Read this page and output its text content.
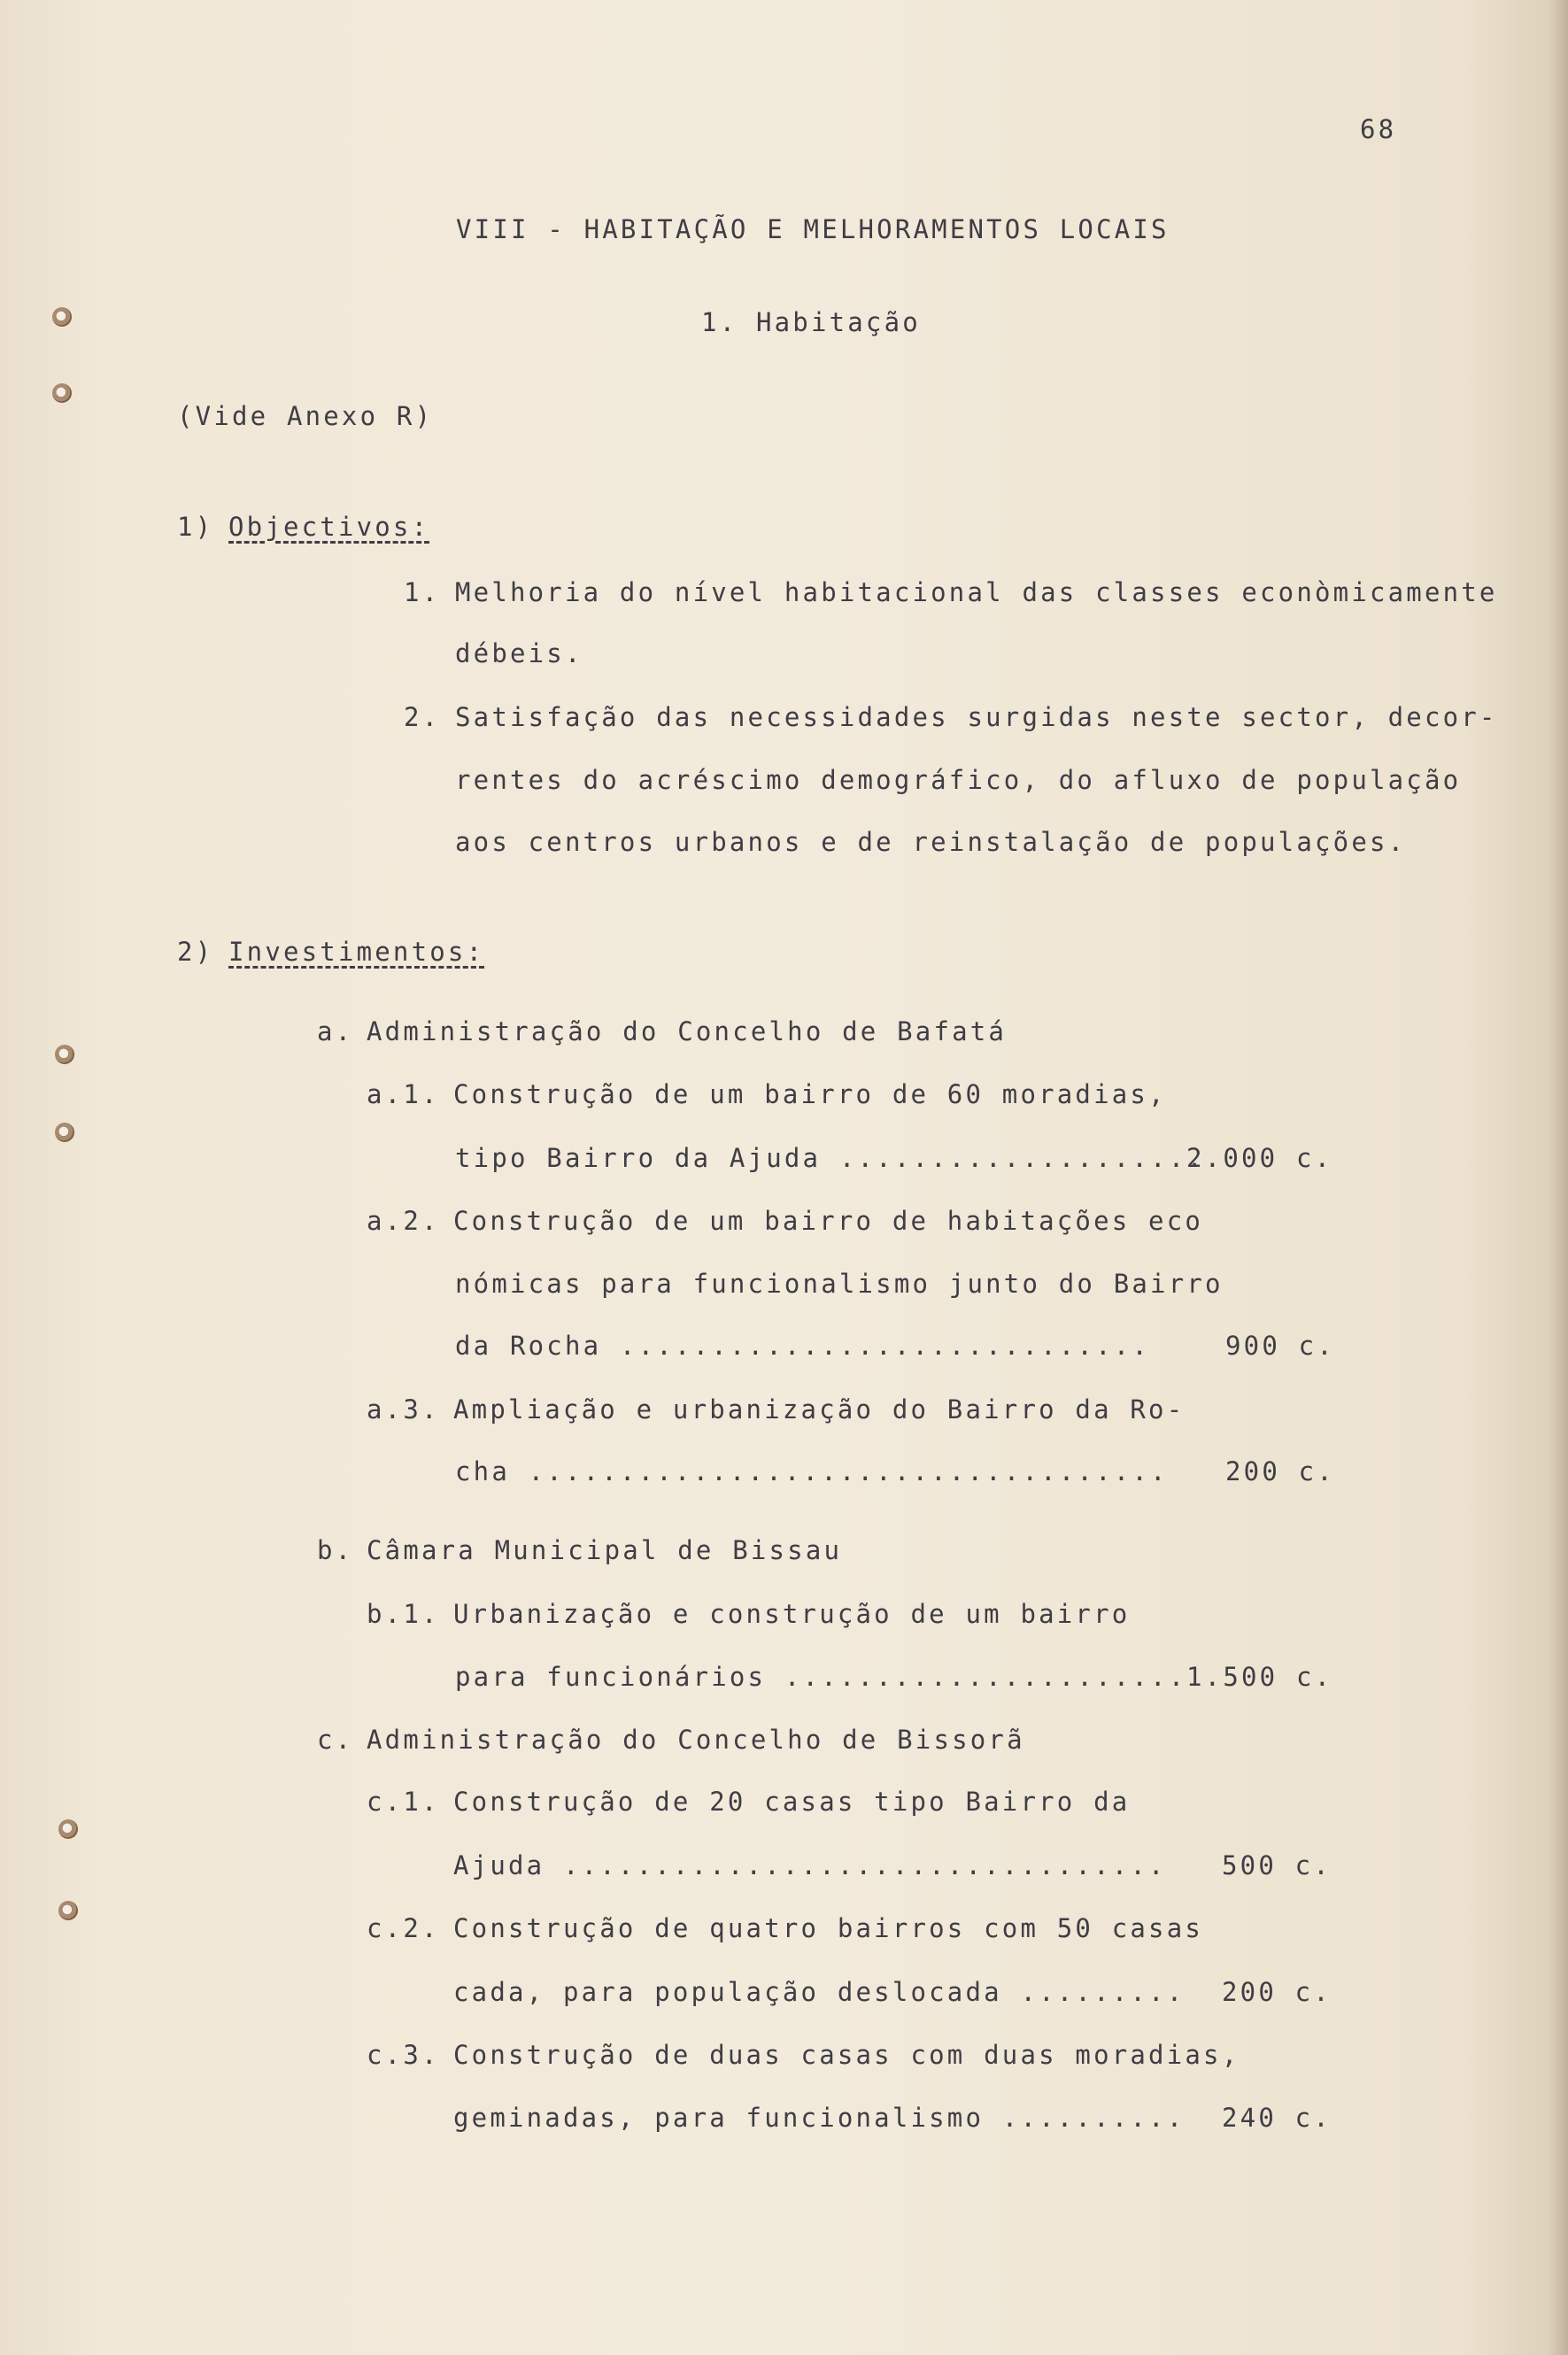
68
VIII - HABITAÇÃO E MELHORAMENTOS LOCAIS
1. Habitação
(Vide Anexo R)
1) Objectivos:
1. Melhoria do nível habitacional das classes econòmicamente
débeis.
2. Satisfação das necessidades surgidas neste sector, decor-
rentes do acréscimo demográfico, do afluxo de população
aos centros urbanos e de reinstalação de populações.
2) Investimentos:
a. Administração do Concelho de Bafatá
a.1. Construção de um bairro de 60 moradias,
tipo Bairro da Ajuda ....................
2.000 c.
a.2. Construção de um bairro de habitações eco
nómicas para funcionalismo junto do Bairro
da Rocha .............................	900 c.
a.3. Ampliação e urbanização do Bairro da Ro-
cha ................................... 200 c.
b. Câmara Municipal de Bissau
b.1. Urbanização e construção de um bairro
para funcionários ...................... 1.500 c.
c. Administração do Concelho de Bissorã
c.1. Construção de 20 casas tipo Bairro da
Ajuda ................................. 500 c.
c.2. Construção de quatro bairros com 50 casas
cada, para população deslocada ......... 200 c.
c.3. Construção de duas casas com duas moradias,
geminadas, para funcionalismo .......... 240 c.
